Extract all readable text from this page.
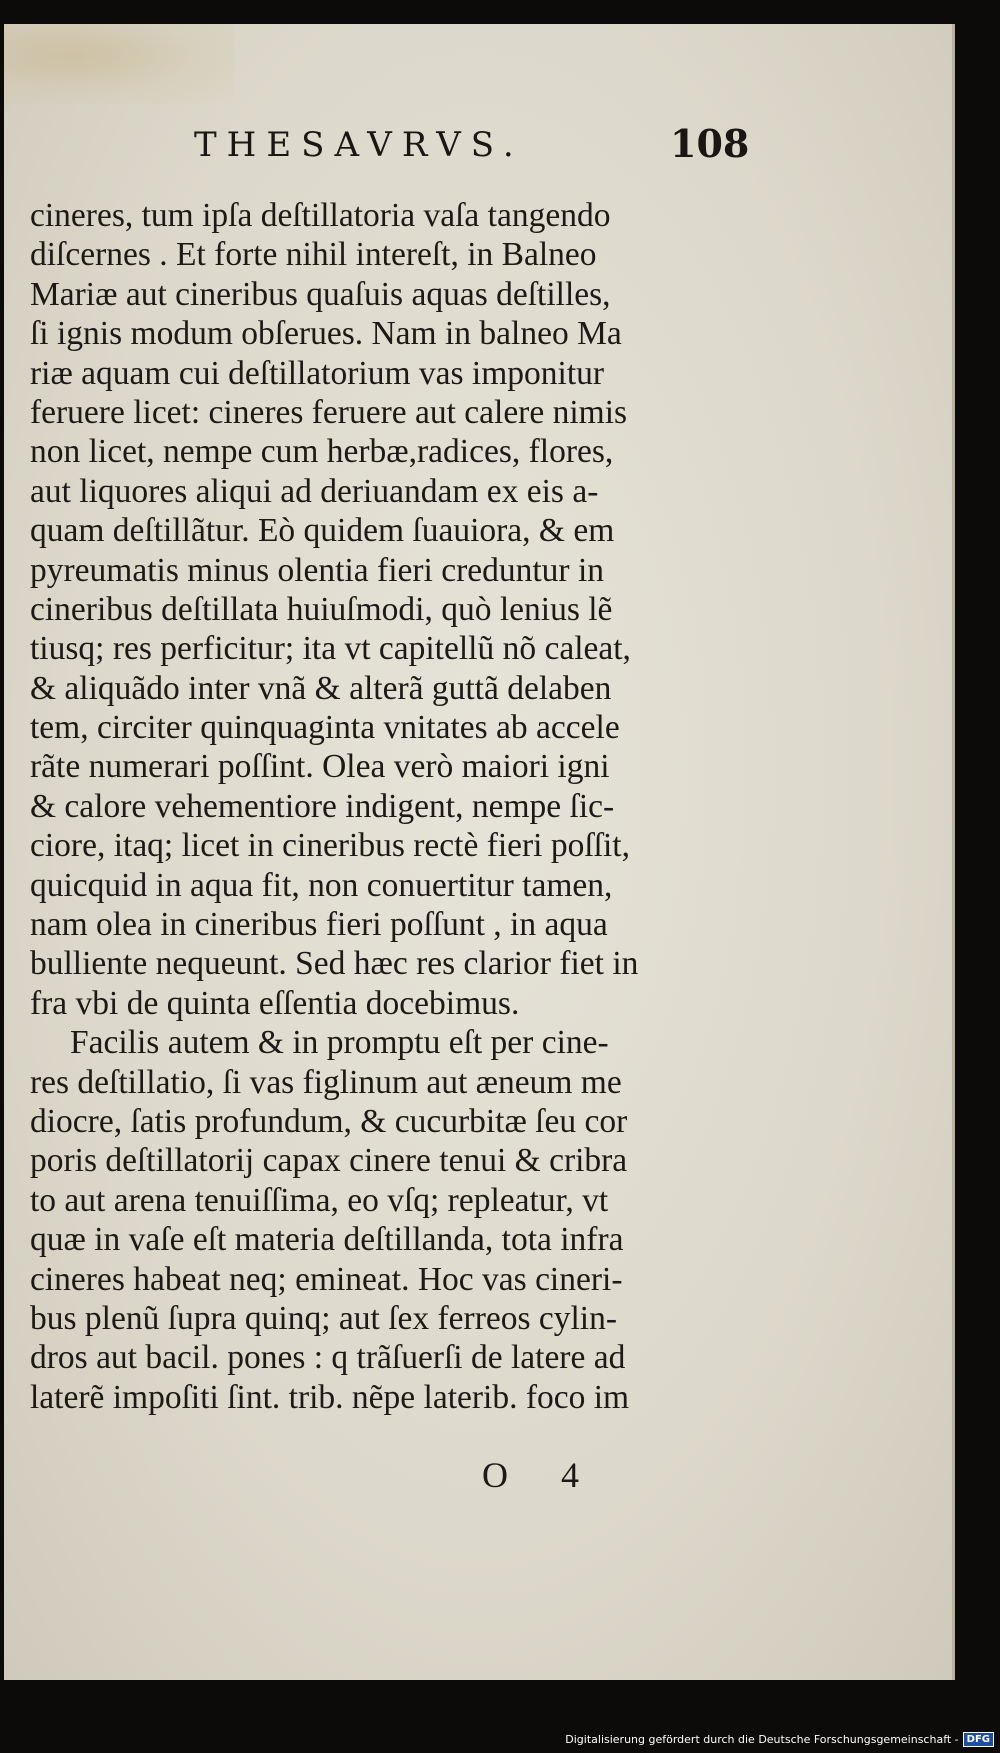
THESAVRVS.	108
cineres, tum ipſa deſtillatoria vaſa tangendo
diſcernes . Et forte nihil intereſt, in Balneo
Mariæ aut cineribus quaſuis aquas deſtilles,
ſi ignis modum obſerues. Nam in balneo Ma
riæ aquam cui deſtillatorium vas imponitur
feruere licet: cineres feruere aut calere nimis
non licet, nempe cum herbæ,radices, flores,
aut liquores aliqui ad deriuandam ex eis a-
quam deſtillãtur. Eò quidem ſuauiora, & em
pyreumatis minus olentia fieri creduntur in
cineribus deſtillata huiuſmodi, quò lenius lẽ
tiusq; res perficitur; ita vt capitellũ nõ caleat,
& aliquãdo inter vnã & alterã guttã delaben
tem, circiter quinquaginta vnitates ab accele
rãte numerari poſſint. Olea verò maiori igni
& calore vehementiore indigent, nempe ſic-
ciore, itaq; licet in cineribus rectè fieri poſſit,
quicquid in aqua fit, non conuertitur tamen,
nam olea in cineribus fieri poſſunt , in aqua
bulliente nequeunt. Sed hæc res clarior fiet in
fra vbi de quinta eſſentia docebimus.
Facilis autem & in promptu eſt per cine-
res deſtillatio, ſi vas figlinum aut æneum me
diocre, ſatis profundum, & cucurbitæ ſeu cor
poris deſtillatorij capax cinere tenui & cribra
to aut arena tenuiſſima, eo vſq; repleatur, vt
quæ in vaſe eſt materia deſtillanda, tota infra
cineres habeat neq; emineat. Hoc vas cineri-
bus plenũ ſupra quinq; aut ſex ferreos cylin-
dros aut bacil. pones : q trãſuerſi de latere ad
laterẽ impoſiti ſint. trib. nẽpe laterib. foco im
O 4
Digitalisierung gefördert durch die Deutsche Forschungsgemeinschaft - DFG
